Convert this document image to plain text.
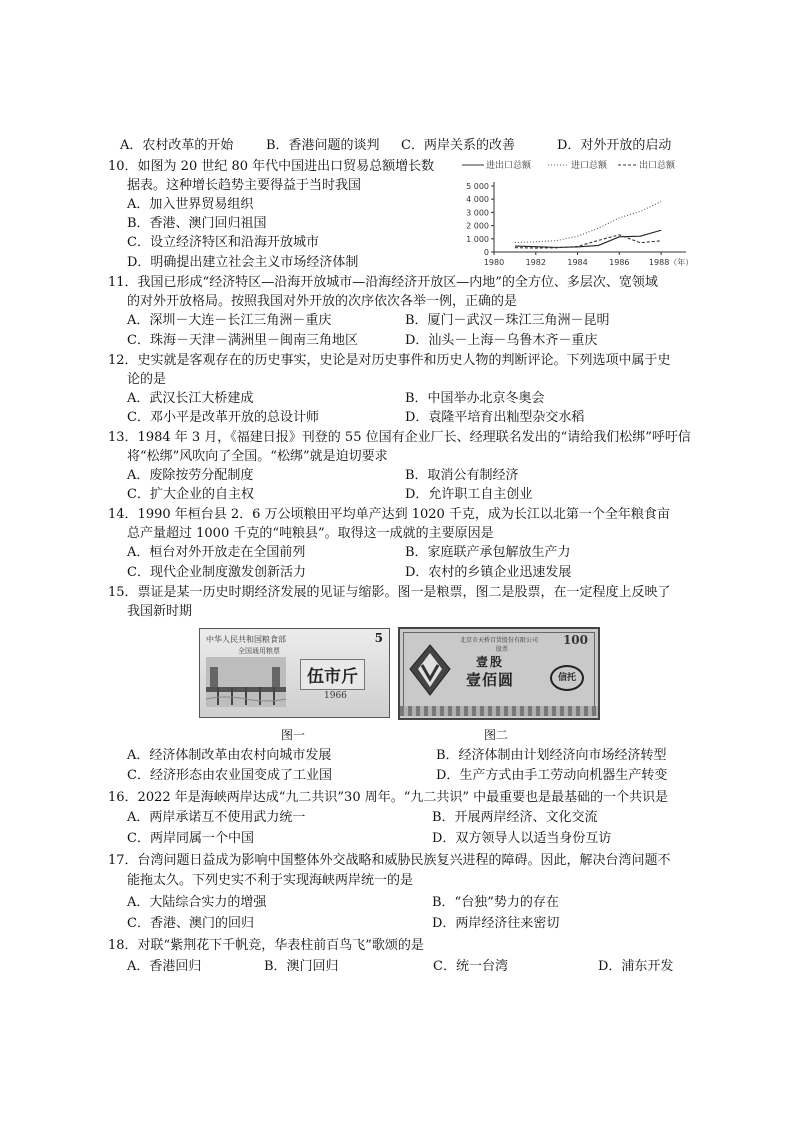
A．农村改革的开始	B．香港问题的谈判 C．两岸关系的改善	D．对外开放的启动
10．如图为 20 世纪 80 年代中国进出口贸易总额增长数
据表。这种增长趋势主要得益于当时我国
A．加入世界贸易组织
B．香港、澳门回归祖国
C．设立经济特区和沿海开放城市
D．明确提出建立社会主义市场经济体制
进出口总额	进口总额	出口总额
0
1 000
2 000
3 000
4 000
5 000
1980	1982	1984	1986 1988（年）
11．我国已形成“经济特区—沿海开放城市—沿海经济开放区—内地”的全方位、多层次、宽领域
的对外开放格局。按照我国对外开放的次序依次各举一例，正确的是
A．深圳－大连－长江三角洲－重庆	B．厦门－武汉－珠江三角洲－昆明
C．珠海－天津－满洲里－闽南三角地区	D．汕头－上海－乌鲁木齐－重庆
12．史实就是客观存在的历史事实，史论是对历史事件和历史人物的判断评论。下列选项中属于史
论的是
A．武汉长江大桥建成	B．中国举办北京冬奥会
C．邓小平是改革开放的总设计师	D．袁隆平培育出籼型杂交水稻
13．1984 年 3 月，《福建日报》刊登的 55 位国有企业厂长、经理联名发出的“请给我们松绑”呼吁信
将“松绑”风吹向了全国。“松绑”就是迫切要求
A．废除按劳分配制度	B．取消公有制经济
C．扩大企业的自主权	D．允许职工自主创业
14．1990 年桓台县 2．6 万公顷粮田平均单产达到 1020 千克，成为长江以北第一个全年粮食亩
总产量超过 1000 千克的“吨粮县”。取得这一成就的主要原因是
A．桓台对外开放走在全国前列	B．家庭联产承包解放生产力
C．现代企业制度激发创新活力	D．农村的乡镇企业迅速发展
15．票证是某一历史时期经济发展的见证与缩影。图一是粮票，图二是股票，在一定程度上反映了
我国新时期
中华人民共和国粮食部	5
全国通用粮票
伍市斤
1966
北京市天桥百货股份有限公司 100
股票
壹股
壹佰圆	信托
图一	图二
A．经济体制改革由农村向城市发展	B．经济体制由计划经济向市场经济转型
C．经济形态由农业国变成了工业国	D．生产方式由手工劳动向机器生产转变
16．2022 年是海峡两岸达成“九二共识”30 周年。“九二共识” 中最重要也是最基础的一个共识是
A．两岸承诺互不使用武力统一	B．开展两岸经济、文化交流
C．两岸同属一个中国	D．双方领导人以适当身份互访
17．台湾问题日益成为影响中国整体外交战略和威胁民族复兴进程的障碍。因此，解决台湾问题不
能拖太久。下列史实不利于实现海峡两岸统一的是
A．大陆综合实力的增强	B．“台独”势力的存在
C．香港、澳门的回归	D．两岸经济往来密切
18．对联“紫荆花下千帆竞，华表柱前百鸟飞”歌颂的是
A．香港回归	B．澳门回归	C．统一台湾	D．浦东开发
